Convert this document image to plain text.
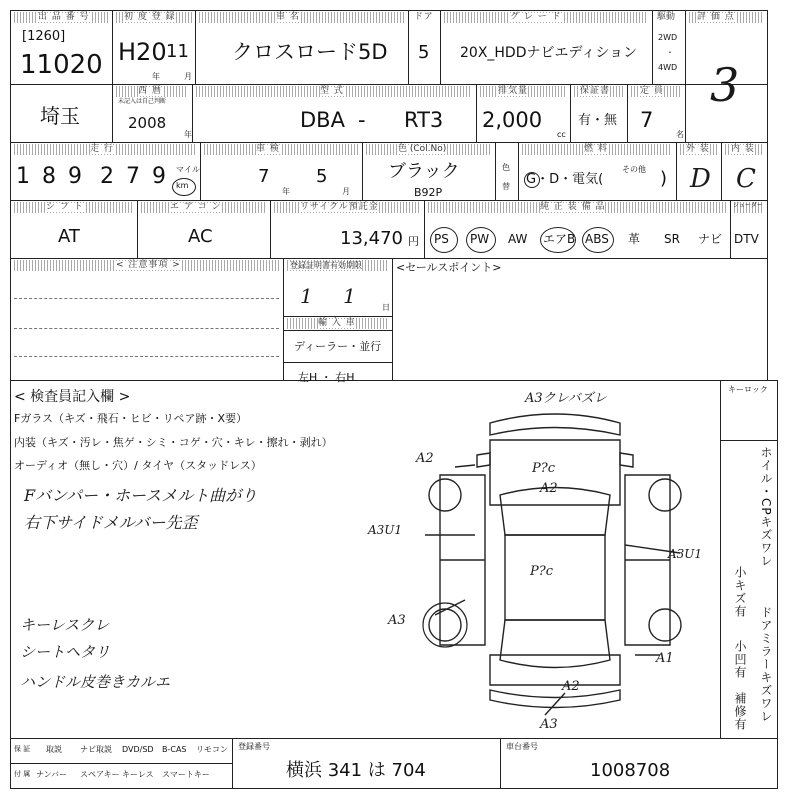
出 品 番 号
[1260]
11020
初 度 登 録
H20 11
年	月
車 名
クロスロード5D
ドア
5
グ レ ー ド
20X_HDDナビエディション
駆動
2WD
・
4WD
評 価 点
3
埼玉
西 暦
未記入は自己判断
2008
年
型 式
DBA - RT3
排気量
2,000
cc
保証書
有・無
定 員
7
名
走 行
1 8 9 2 7 9 マイル
km
車 検
7
年
5
月
色 (Col.No)
ブラック
B92P
色
替
燃 料
G・D・電気(
その他 )
外 装
D
内 装
C
シ フ ト
AT
エ ア コ ン
AC
リサイクル預託金
13,470 円
純 正 装 備 品
PS PW AW エアB ABS 革 SR ナビ
ジューダー
DTV
< 注意事項 >	登録証明書有効期限
1 1 日
輸 入 車
ディーラー・並行
左H ・ 右H
<セールスポイント>
< 検査員記入欄 >
Fガラス（キズ・飛石・ヒビ・リペア跡・X要）
内装（キズ・汚レ・焦ゲ・シミ・コゲ・穴・キレ・擦れ・剥れ）
オーディオ（無し・穴）/ タイヤ（スタッドレス）
Fバンパー・ホースメルト曲がり
右下サイドメルバー先歪
キーレスクレ
シートヘタリ
ハンドル皮巻きカルエ
キーロック
ホイル・CPキズワレ
小キズ有
ドアミラーキズワレ
小凹有
補修有
A3クレバズレ
A2
P?c
A2
A3U1
A3U1
P?c
A3
A1
A2
A3
保 証
付 属
取説 ナビ取説 DVD/SD B-CAS リモコン
ナンバー スペアキー キーレス スマートキー
登録番号
横浜 341 は 704
車台番号
1008708
